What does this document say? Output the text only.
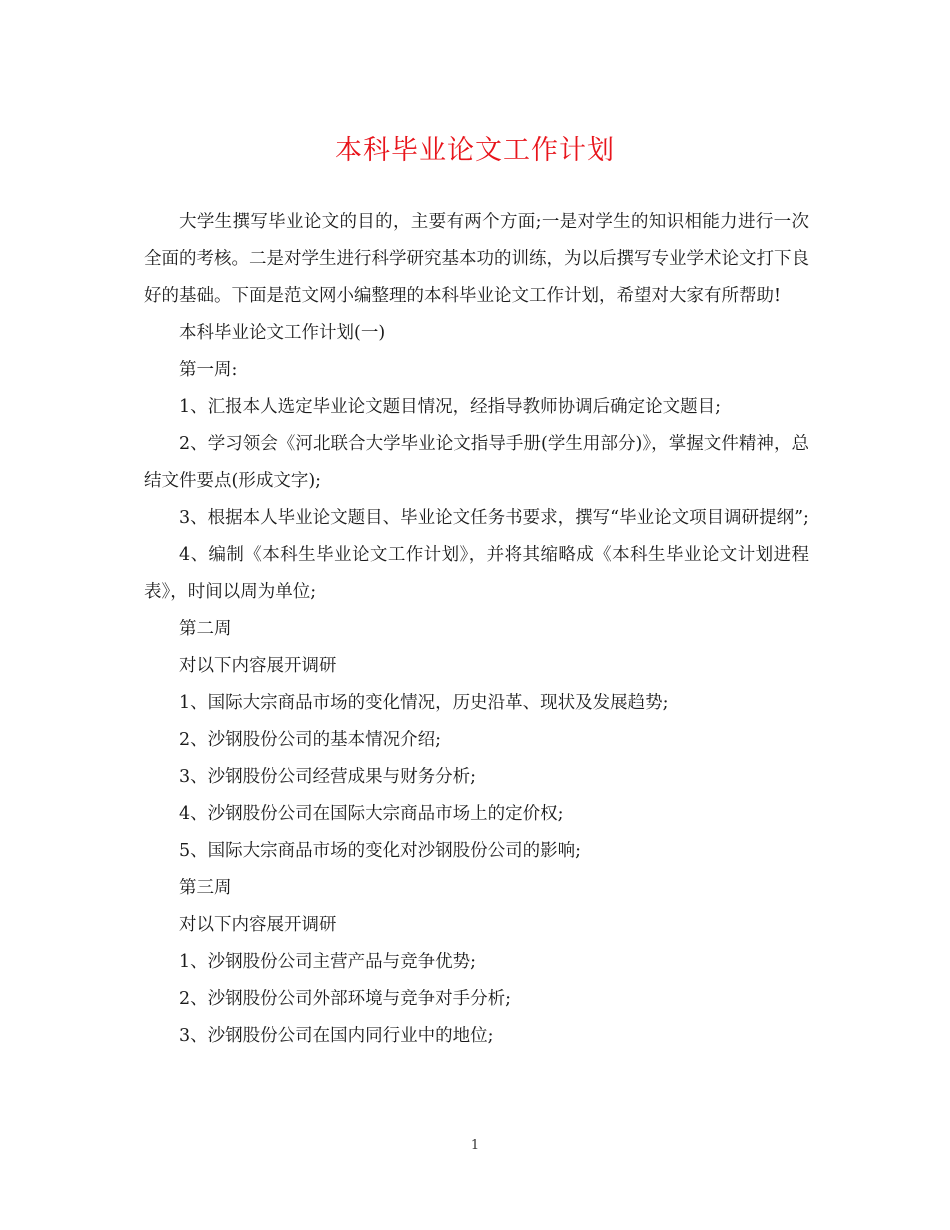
本科毕业论文工作计划

大学生撰写毕业论文的目的，主要有两个方面;一是对学生的知识相能力进行一次全面的考核。二是对学生进行科学研究基本功的训练，为以后撰写专业学术论文打下良好的基础。下面是范文网小编整理的本科毕业论文工作计划，希望对大家有所帮助!

本科毕业论文工作计划(一)

第一周:

1、汇报本人选定毕业论文题目情况，经指导教师协调后确定论文题目;

2、学习领会《河北联合大学毕业论文指导手册(学生用部分)》，掌握文件精神，总结文件要点(形成文字);

3、根据本人毕业论文题目、毕业论文任务书要求，撰写“毕业论文项目调研提纲”;

4、编制《本科生毕业论文工作计划》，并将其缩略成《本科生毕业论文计划进程表》，时间以周为单位;

第二周

对以下内容展开调研

1、国际大宗商品市场的变化情况，历史沿革、现状及发展趋势;

2、沙钢股份公司的基本情况介绍;

3、沙钢股份公司经营成果与财务分析;

4、沙钢股份公司在国际大宗商品市场上的定价权;

5、国际大宗商品市场的变化对沙钢股份公司的影响;

第三周

对以下内容展开调研

1、沙钢股份公司主营产品与竞争优势;

2、沙钢股份公司外部环境与竞争对手分析;

3、沙钢股份公司在国内同行业中的地位;

1
